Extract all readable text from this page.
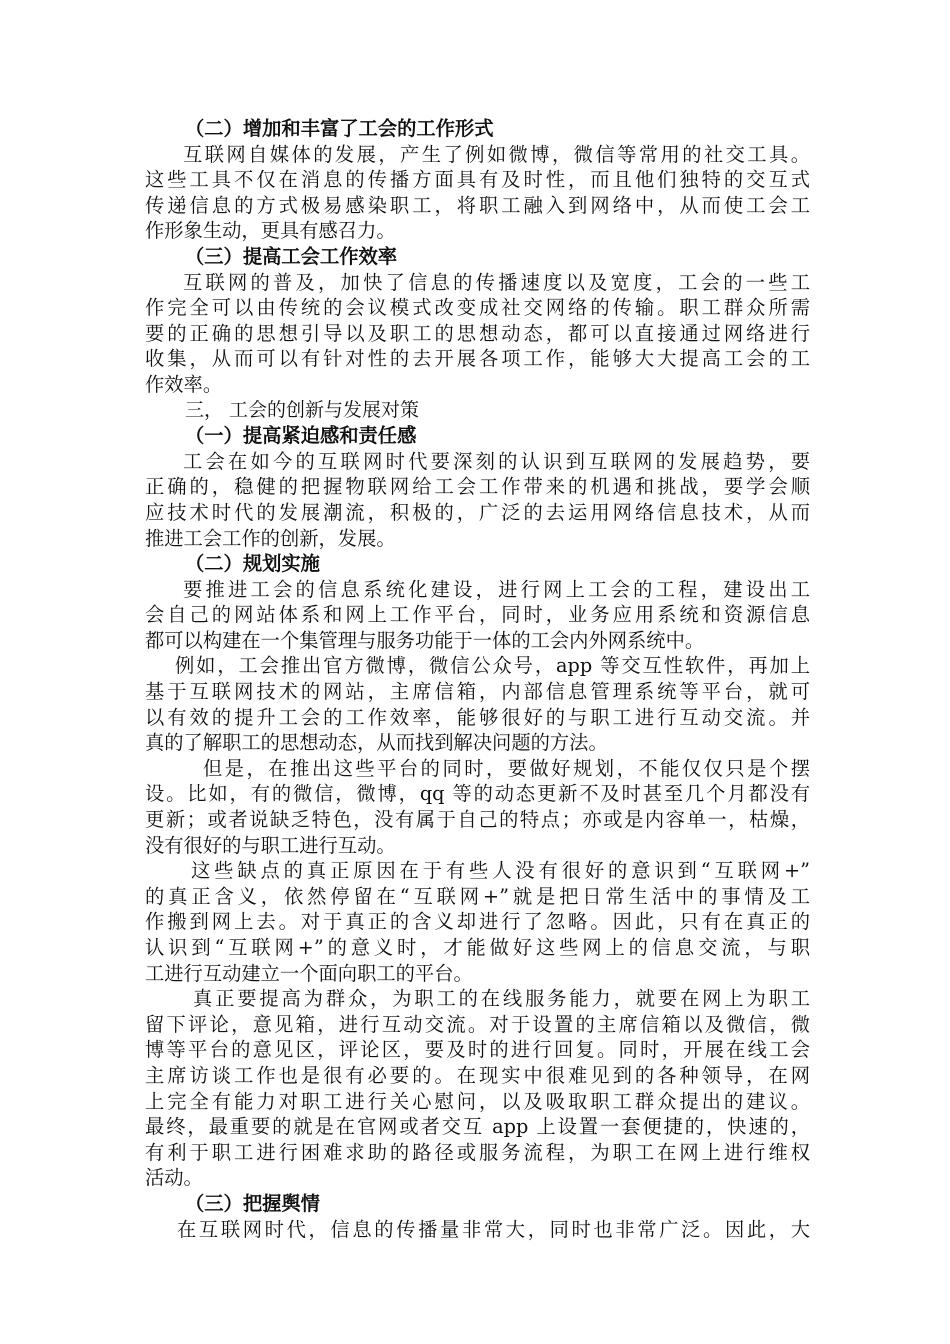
（二）增加和丰富了工会的工作形式
互联网自媒体的发展，产生了例如微博，微信等常用的社交工具。
这些工具不仅在消息的传播方面具有及时性，而且他们独特的交互式
传递信息的方式极易感染职工，将职工融入到网络中，从而使工会工
作形象生动，更具有感召力。
（三）提高工会工作效率
互联网的普及，加快了信息的传播速度以及宽度，工会的一些工
作完全可以由传统的会议模式改变成社交网络的传输。职工群众所需
要的正确的思想引导以及职工的思想动态，都可以直接通过网络进行
收集，从而可以有针对性的去开展各项工作，能够大大提高工会的工
作效率。
三， 工会的创新与发展对策
（一）提高紧迫感和责任感
工会在如今的互联网时代要深刻的认识到互联网的发展趋势，要
正确的，稳健的把握物联网给工会工作带来的机遇和挑战，要学会顺
应技术时代的发展潮流，积极的，广泛的去运用网络信息技术，从而
推进工会工作的创新，发展。
（二）规划实施
要推进工会的信息系统化建设，进行网上工会的工程，建设出工
会自己的网站体系和网上工作平台，同时，业务应用系统和资源信息
都可以构建在一个集管理与服务功能于一体的工会内外网系统中。
例如，工会推出官方微博，微信公众号，app 等交互性软件，再加上
基于互联网技术的网站，主席信箱，内部信息管理系统等平台，就可
以有效的提升工会的工作效率，能够很好的与职工进行互动交流。并
真的了解职工的思想动态，从而找到解决问题的方法。
但是，在推出这些平台的同时，要做好规划，不能仅仅只是个摆
设。比如，有的微信，微博，qq 等的动态更新不及时甚至几个月都没有
更新；或者说缺乏特色，没有属于自己的特点；亦或是内容单一，枯燥，
没有很好的与职工进行互动。
这些缺点的真正原因在于有些人没有很好的意识到“互联网+”
的真正含义，依然停留在“互联网+”就是把日常生活中的事情及工
作搬到网上去。对于真正的含义却进行了忽略。因此，只有在真正的
认识到“互联网+”的意义时，才能做好这些网上的信息交流，与职
工进行互动建立一个面向职工的平台。
真正要提高为群众，为职工的在线服务能力，就要在网上为职工
留下评论，意见箱，进行互动交流。对于设置的主席信箱以及微信，微
博等平台的意见区，评论区，要及时的进行回复。同时，开展在线工会
主席访谈工作也是很有必要的。在现实中很难见到的各种领导，在网
上完全有能力对职工进行关心慰问，以及吸取职工群众提出的建议。
最终，最重要的就是在官网或者交互 app 上设置一套便捷的，快速的，
有利于职工进行困难求助的路径或服务流程，为职工在网上进行维权
活动。
（三）把握舆情
在互联网时代，信息的传播量非常大，同时也非常广泛。因此，大
